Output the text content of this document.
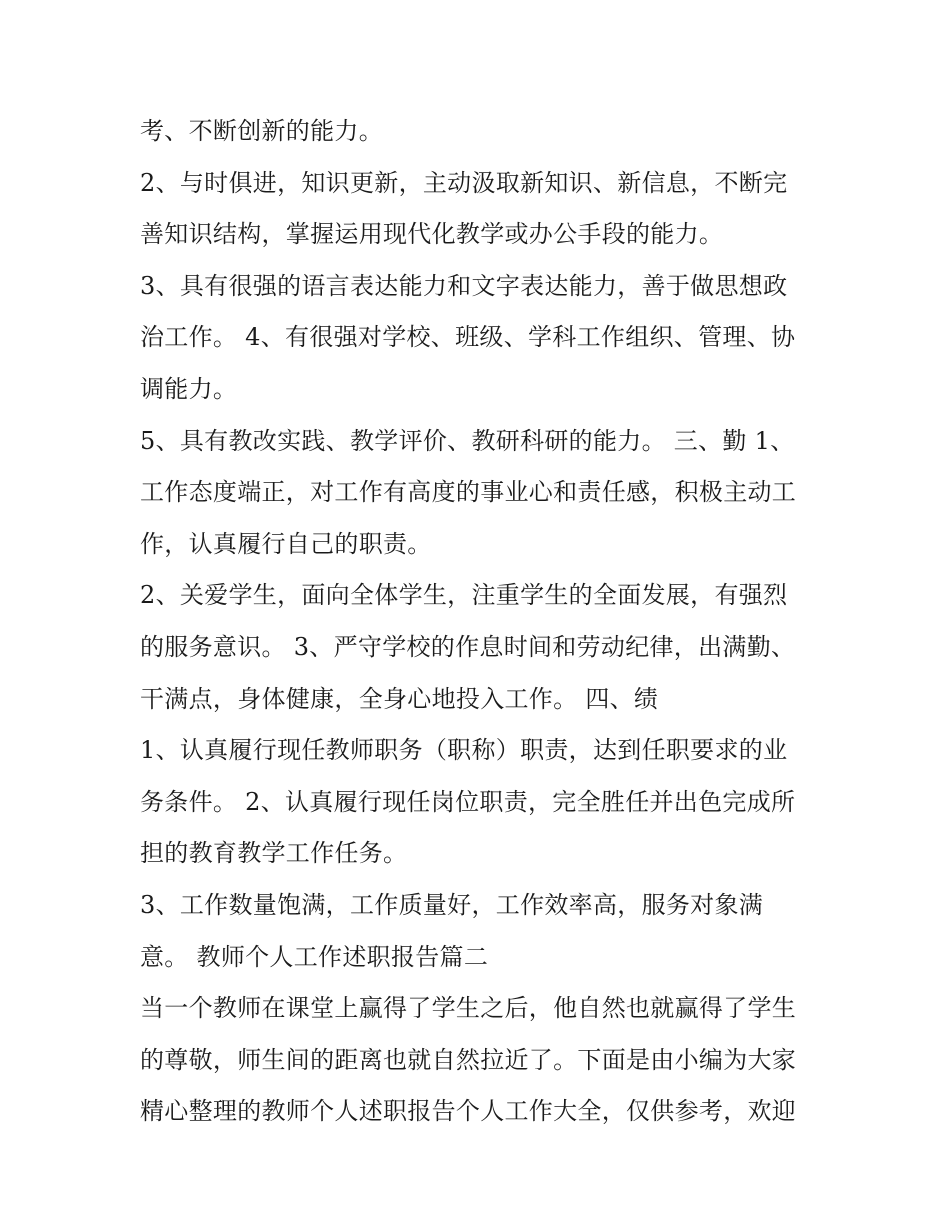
考、不断创新的能力。
2、与时俱进，知识更新，主动汲取新知识、新信息，不断完
善知识结构，掌握运用现代化教学或办公手段的能力。
3、具有很强的语言表达能力和文字表达能力，善于做思想政
治工作。 4、有很强对学校、班级、学科工作组织、管理、协
调能力。
5、具有教改实践、教学评价、教研科研的能力。 三、勤 1、
工作态度端正，对工作有高度的事业心和责任感，积极主动工
作，认真履行自己的职责。
2、关爱学生，面向全体学生，注重学生的全面发展，有强烈
的服务意识。 3、严守学校的作息时间和劳动纪律，出满勤、
干满点，身体健康，全身心地投入工作。 四、绩
1、认真履行现任教师职务（职称）职责，达到任职要求的业
务条件。 2、认真履行现任岗位职责，完全胜任并出色完成所
担的教育教学工作任务。
3、工作数量饱满，工作质量好，工作效率高，服务对象满
意。 教师个人工作述职报告篇二
当一个教师在课堂上赢得了学生之后，他自然也就赢得了学生
的尊敬，师生间的距离也就自然拉近了。下面是由小编为大家
精心整理的教师个人述职报告个人工作大全，仅供参考，欢迎
